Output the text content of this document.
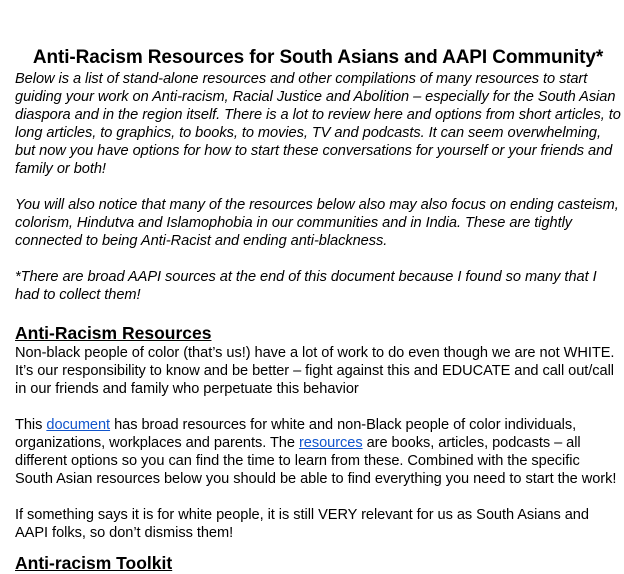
Anti-Racism Resources for South Asians and AAPI Community*

Below is a list of stand-alone resources and other compilations of many resources to start guiding your work on Anti-racism, Racial Justice and Abolition – especially for the South Asian diaspora and in the region itself. There is a lot to review here and options from short articles, to long articles, to graphics, to books, to movies, TV and podcasts. It can seem overwhelming, but now you have options for how to start these conversations for yourself or your friends and family or both!

You will also notice that many of the resources below also may also focus on ending casteism, colorism, Hindutva and Islamophobia in our communities and in India. These are tightly connected to being Anti-Racist and ending anti-blackness.

*There are broad AAPI sources at the end of this document because I found so many that I had to collect them!

Anti-Racism Resources

Non-black people of color (that’s us!) have a lot of work to do even though we are not WHITE. It’s our responsibility to know and be better – fight against this and EDUCATE and call out/call in our friends and family who perpetuate this behavior

This document has broad resources for white and non-Black people of color individuals, organizations, workplaces and parents. The resources are books, articles, podcasts – all different options so you can find the time to learn from these. Combined with the specific South Asian resources below you should be able to find everything you need to start the work!

If something says it is for white people, it is still VERY relevant for us as South Asians and AAPI folks, so don’t dismiss them!

Anti-racism Toolkit
